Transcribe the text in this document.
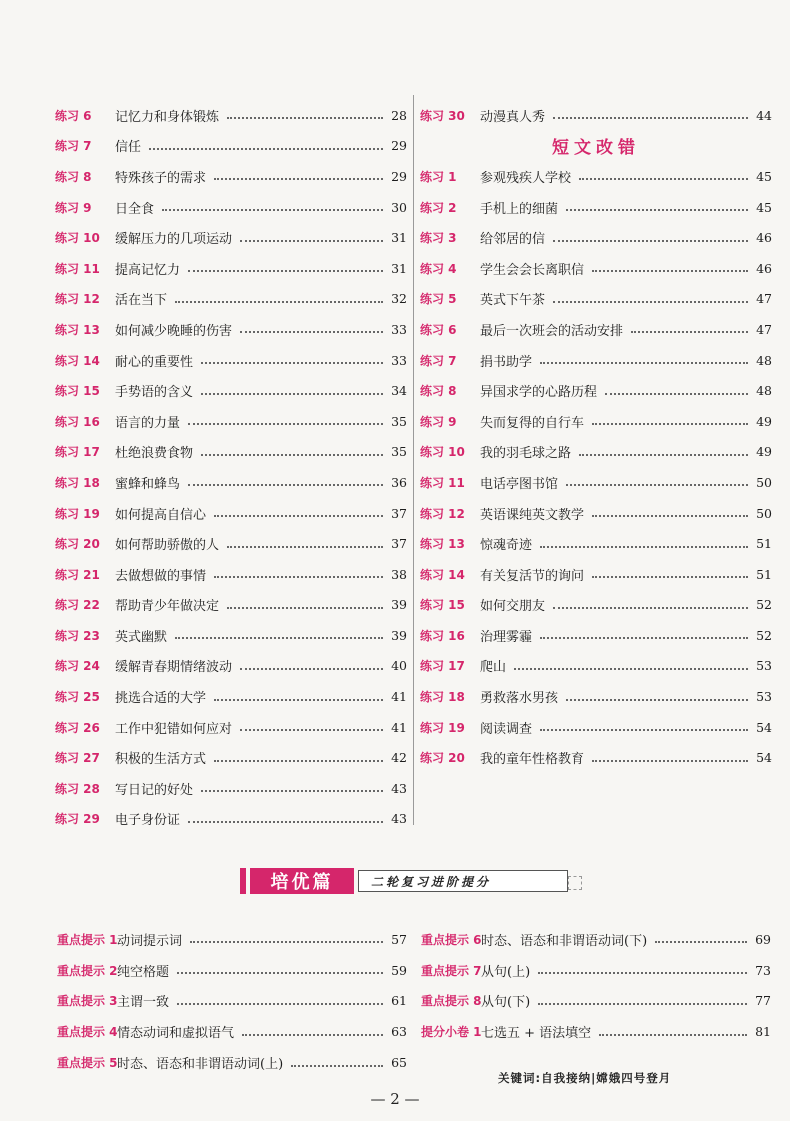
练习 6	记忆力和身体锻炼	28
练习 7	信任	29
练习 8	特殊孩子的需求	29
练习 9	日全食	30
练习 10	缓解压力的几项运动	31
练习 11	提高记忆力	31
练习 12	活在当下	32
练习 13	如何减少晚睡的伤害	33
练习 14	耐心的重要性	33
练习 15	手势语的含义	34
练习 16	语言的力量	35
练习 17	杜绝浪费食物	35
练习 18	蜜蜂和蜂鸟	36
练习 19	如何提高自信心	37
练习 20	如何帮助骄傲的人	37
练习 21	去做想做的事情	38
练习 22	帮助青少年做决定	39
练习 23	英式幽默	39
练习 24	缓解青春期情绪波动	40
练习 25	挑选合适的大学	41
练习 26	工作中犯错如何应对	41
练习 27	积极的生活方式	42
练习 28	写日记的好处	43
练习 29	电子身份证	43
练习 30	动漫真人秀	44
短文改错
练习 1	参观残疾人学校	45
练习 2	手机上的细菌	45
练习 3	给邻居的信	46
练习 4	学生会会长离职信	46
练习 5	英式下午茶	47
练习 6	最后一次班会的活动安排	47
练习 7	捐书助学	48
练习 8	异国求学的心路历程	48
练习 9	失而复得的自行车	49
练习 10	我的羽毛球之路	49
练习 11	电话亭图书馆	50
练习 12	英语课纯英文教学	50
练习 13	惊魂奇迹	51
练习 14	有关复活节的询问	51
练习 15	如何交朋友	52
练习 16	治理雾霾	52
练习 17	爬山	53
练习 18	勇救落水男孩	53
练习 19	阅读调查	54
练习 20	我的童年性格教育	54
培优篇	二轮复习进阶提分
重点提示 1 动词提示词	57
重点提示 2 纯空格题	59
重点提示 3 主谓一致	61
重点提示 4 情态动词和虚拟语气	63
重点提示 5 时态、语态和非谓语动词(上)	65
重点提示 6 时态、语态和非谓语动词(下)	69
重点提示 7 从句(上)	73
重点提示 8 从句(下)	77
提分小卷 1 七选五 + 语法填空	81
关键词:自我接纳|嫦娥四号登月
— 2 —
